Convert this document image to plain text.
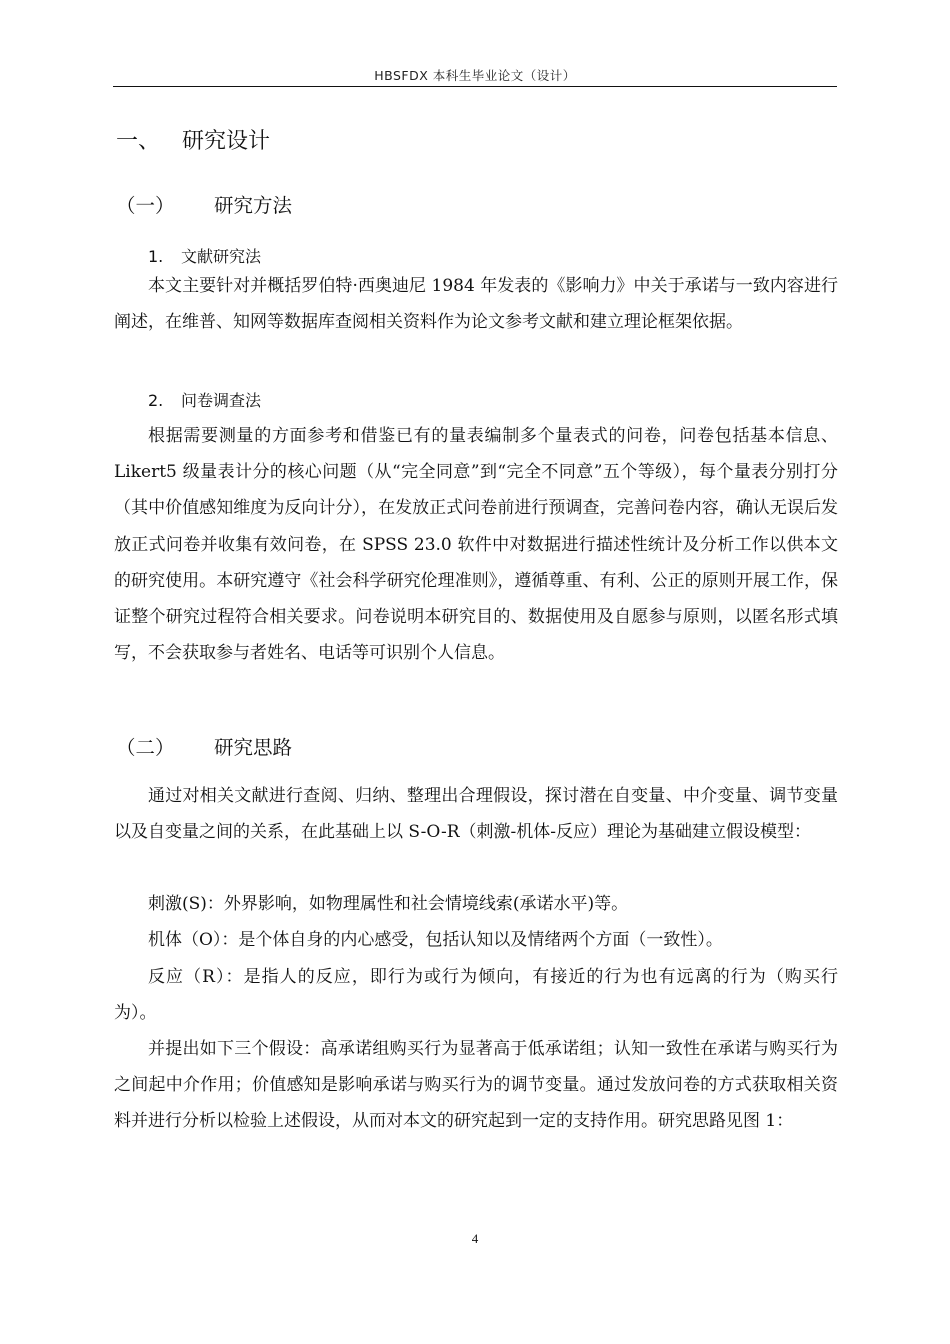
HBSFDX 本科生毕业论文（设计）
一、 研究设计
（一） 研究方法
1. 文献研究法

本文主要针对并概括罗伯特·西奥迪尼 1984 年发表的《影响力》中关于承诺与一致内容进行阐述，在维普、知网等数据库查阅相关资料作为论文参考文献和建立理论框架依据。

2. 问卷调查法

根据需要测量的方面参考和借鉴已有的量表编制多个量表式的问卷，问卷包括基本信息、Likert5 级量表计分的核心问题（从“完全同意”到“完全不同意”五个等级），每个量表分别打分（其中价值感知维度为反向计分），在发放正式问卷前进行预调查，完善问卷内容，确认无误后发放正式问卷并收集有效问卷，在 SPSS 23.0 软件中对数据进行描述性统计及分析工作以供本文的研究使用。本研究遵守《社会科学研究伦理准则》，遵循尊重、有利、公正的原则开展工作，保证整个研究过程符合相关要求。问卷说明本研究目的、数据使用及自愿参与原则，以匿名形式填写，不会获取参与者姓名、电话等可识别个人信息。

（二） 研究思路

通过对相关文献进行查阅、归纳、整理出合理假设，探讨潜在自变量、中介变量、调节变量以及自变量之间的关系，在此基础上以 S-O-R（刺激-机体-反应）理论为基础建立假设模型：

刺激(S)：外界影响，如物理属性和社会情境线索(承诺水平)等。

机体（O）：是个体自身的内心感受，包括认知以及情绪两个方面（一致性）。

反应（R）：是指人的反应，即行为或行为倾向，有接近的行为也有远离的行为（购买行为）。

并提出如下三个假设：高承诺组购买行为显著高于低承诺组；认知一致性在承诺与购买行为之间起中介作用；价值感知是影响承诺与购买行为的调节变量。通过发放问卷的方式获取相关资料并进行分析以检验上述假设，从而对本文的研究起到一定的支持作用。研究思路见图 1：

4
